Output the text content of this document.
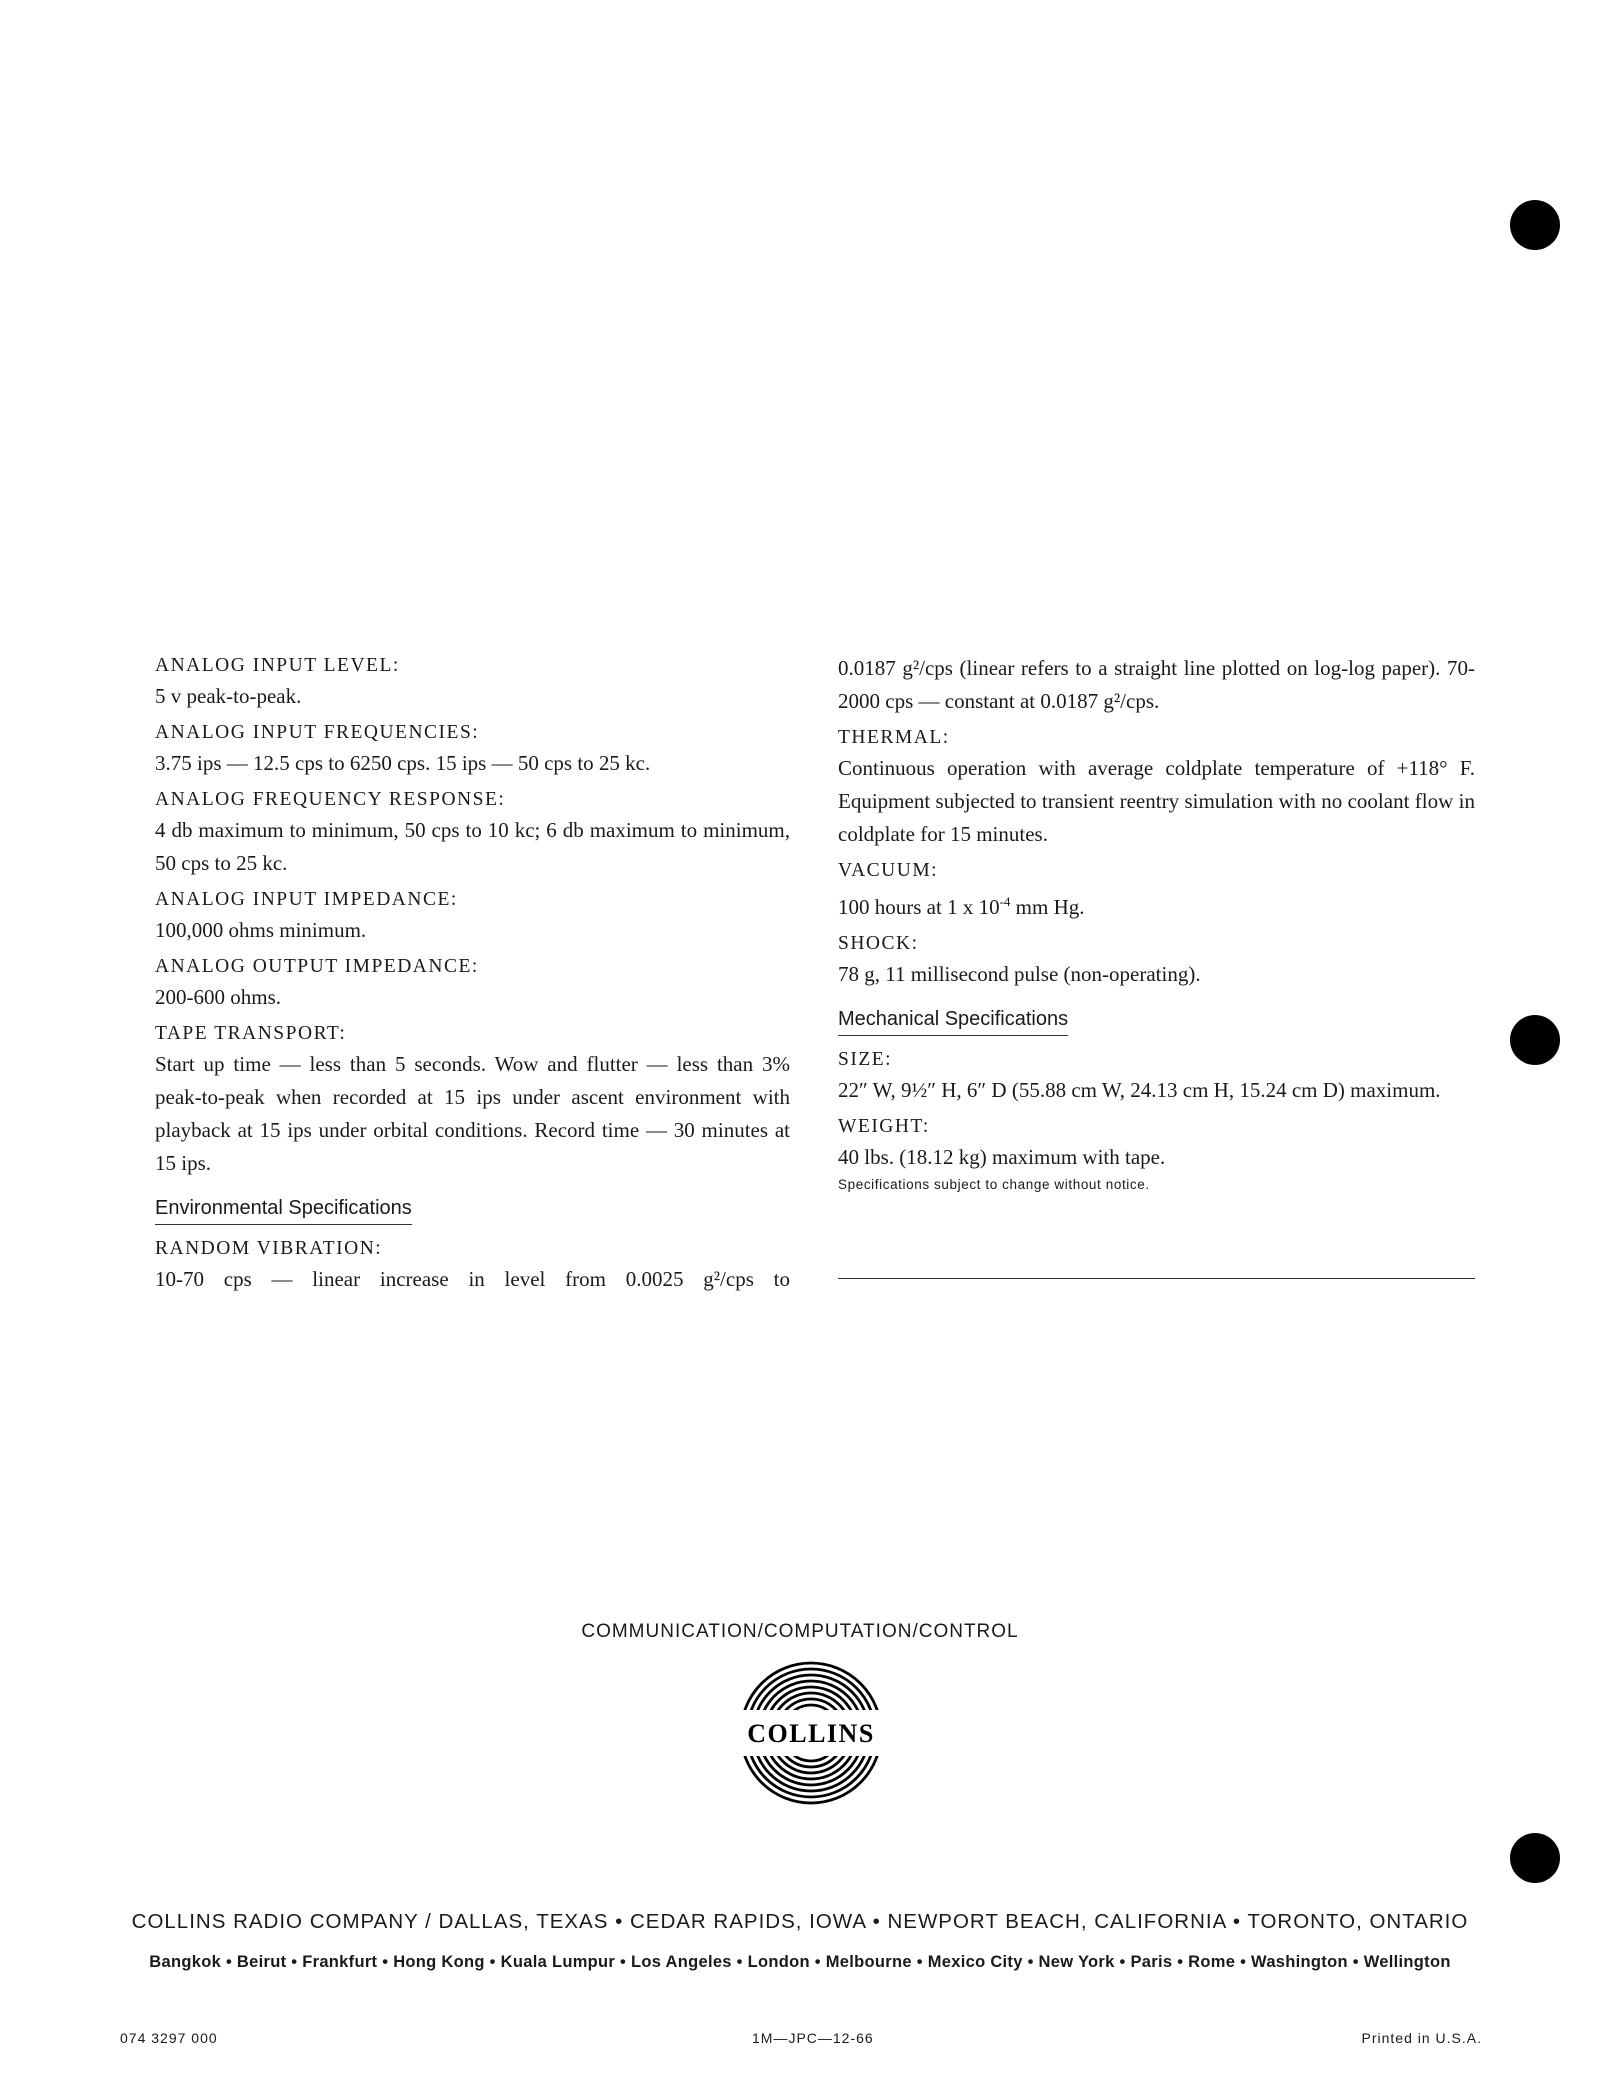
ANALOG INPUT LEVEL:
5 v peak-to-peak.
ANALOG INPUT FREQUENCIES:
3.75 ips — 12.5 cps to 6250 cps. 15 ips — 50 cps to 25 kc.
ANALOG FREQUENCY RESPONSE:
4 db maximum to minimum, 50 cps to 10 kc; 6 db maximum to minimum, 50 cps to 25 kc.
ANALOG INPUT IMPEDANCE:
100,000 ohms minimum.
ANALOG OUTPUT IMPEDANCE:
200-600 ohms.
TAPE TRANSPORT:
Start up time — less than 5 seconds. Wow and flutter — less than 3% peak-to-peak when recorded at 15 ips under ascent environment with playback at 15 ips under orbital conditions. Record time — 30 minutes at 15 ips.
Environmental Specifications
RANDOM VIBRATION:
10-70 cps — linear increase in level from 0.0025 g²/cps to
0.0187 g²/cps (linear refers to a straight line plotted on log-log paper). 70-2000 cps — constant at 0.0187 g²/cps.
THERMAL:
Continuous operation with average coldplate temperature of +118° F. Equipment subjected to transient reentry simulation with no coolant flow in coldplate for 15 minutes.
VACUUM:
100 hours at 1 x $10^{-4}$ mm Hg.
SHOCK:
78 g, 11 millisecond pulse (non-operating).
Mechanical Specifications
SIZE:
22″ W, 9½″ H, 6″ D (55.88 cm W, 24.13 cm H, 15.24 cm D) maximum.
WEIGHT:
40 lbs. (18.12 kg) maximum with tape.
Specifications subject to change without notice.
COMMUNICATION/COMPUTATION/CONTROL
COLLINS
COLLINS RADIO COMPANY / DALLAS, TEXAS • CEDAR RAPIDS, IOWA • NEWPORT BEACH, CALIFORNIA • TORONTO, ONTARIO
Bangkok • Beirut • Frankfurt • Hong Kong • Kuala Lumpur • Los Angeles • London • Melbourne • Mexico City • New York • Paris • Rome • Washington • Wellington
074 3297 000	1M—JPC—12-66	Printed in U.S.A.
